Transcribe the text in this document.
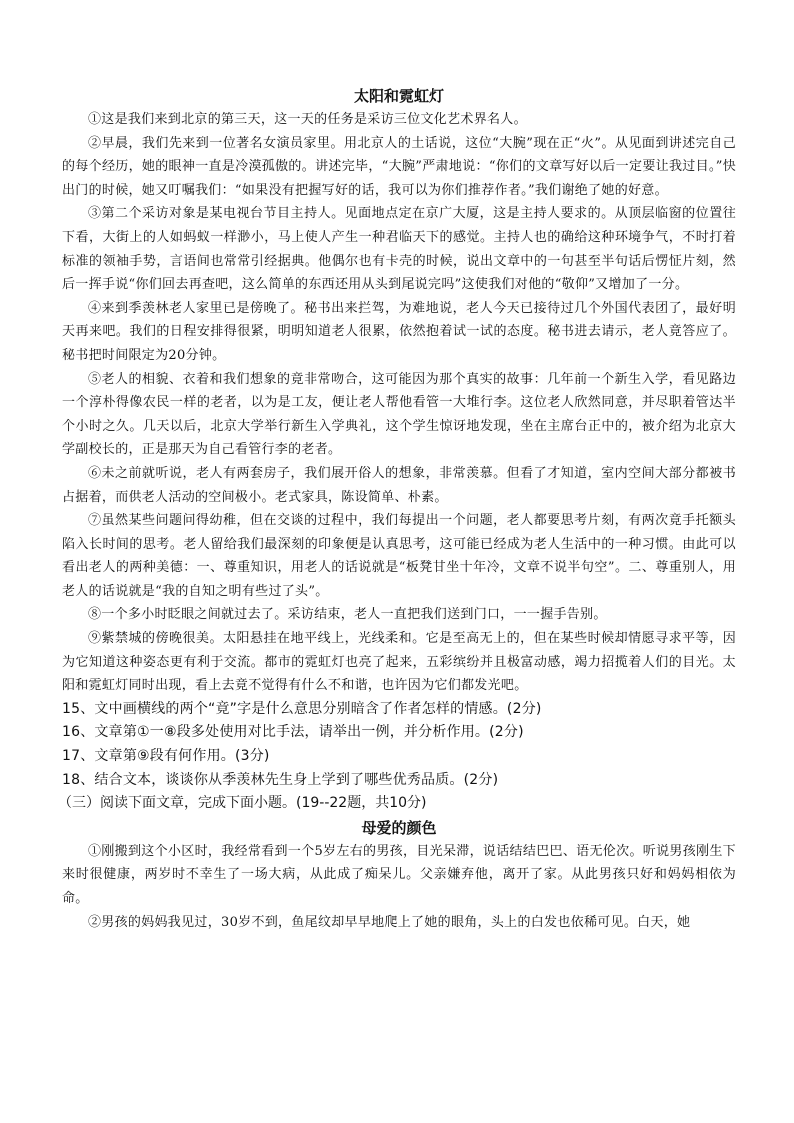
太阳和霓虹灯

①这是我们来到北京的第三天，这一天的任务是采访三位文化艺术界名人。

②早晨，我们先来到一位著名女演员家里。用北京人的土话说，这位“大腕”现在正“火”。从见面到讲述完自己的每个经历，她的眼神一直是冷漠孤傲的。讲述完毕，“大腕”严肃地说：“你们的文章写好以后一定要让我过目。”快出门的时候，她又叮嘱我们：“如果没有把握写好的话，我可以为你们推荐作者。”我们谢绝了她的好意。

③第二个采访对象是某电视台节目主持人。见面地点定在京广大厦，这是主持人要求的。从顶层临窗的位置往下看，大街上的人如蚂蚁一样渺小，马上使人产生一种君临天下的感觉。主持人也的确给这种环境争气，不时打着标准的领袖手势，言语间也常常引经据典。他偶尔也有卡壳的时候，说出文章中的一句甚至半句话后愣怔片刻，然后一挥手说“你们回去再查吧，这么简单的东西还用从头到尾说完吗”这使我们对他的“敬仰”又增加了一分。

④来到季羡林老人家里已是傍晚了。秘书出来拦驾，为难地说，老人今天已接待过几个外国代表团了，最好明天再来吧。我们的日程安排得很紧，明明知道老人很累，依然抱着试一试的态度。秘书进去请示，老人竟答应了。秘书把时间限定为20分钟。

⑤老人的相貌、衣着和我们想象的竟非常吻合，这可能因为那个真实的故事：几年前一个新生入学，看见路边一个淳朴得像农民一样的老者，以为是工友，便让老人帮他看管一大堆行李。这位老人欣然同意，并尽职着管达半个小时之久。几天以后，北京大学举行新生入学典礼，这个学生惊讶地发现，坐在主席台正中的，被介绍为北京大学副校长的，正是那天为自己看管行李的老者。

⑥未之前就听说，老人有两套房子，我们展开俗人的想象，非常羡慕。但看了才知道，室内空间大部分都被书占据着，而供老人活动的空间极小。老式家具，陈设简单、朴素。

⑦虽然某些问题问得幼稚，但在交谈的过程中，我们每提出一个问题，老人都要思考片刻，有两次竟手托额头陷入长时间的思考。老人留给我们最深刻的印象便是认真思考，这可能已经成为老人生活中的一种习惯。由此可以看出老人的两种美德：一、尊重知识，用老人的话说就是“板凳甘坐十年冷，文章不说半句空”。二、尊重别人，用老人的话说就是“我的自知之明有些过了头”。

⑧一个多小时眨眼之间就过去了。采访结束，老人一直把我们送到门口，一一握手告别。

⑨紫禁城的傍晚很美。太阳悬挂在地平线上，光线柔和。它是至高无上的，但在某些时候却情愿寻求平等，因为它知道这种姿态更有利于交流。都市的霓虹灯也亮了起来，五彩缤纷并且极富动感，竭力招揽着人们的目光。太阳和霓虹灯同时出现，看上去竟不觉得有什么不和谐，也许因为它们都发光吧。

15、文中画横线的两个“竟”字是什么意思分别暗含了作者怎样的情感。(2分)

16、文章第①一⑧段多处使用对比手法，请举出一例，并分析作用。(2分)

17、文章第⑨段有何作用。(3分)

18、结合文本，谈谈你从季羡林先生身上学到了哪些优秀品质。(2分)

（三）阅读下面文章，完成下面小题。(19--22题，共10分)

母爱的颜色

①刚搬到这个小区时，我经常看到一个5岁左右的男孩，目光呆滞，说话结结巴巴、语无伦次。听说男孩刚生下来时很健康，两岁时不幸生了一场大病，从此成了痴呆儿。父亲嫌弃他，离开了家。从此男孩只好和妈妈相依为命。

②男孩的妈妈我见过，30岁不到，鱼尾纹却早早地爬上了她的眼角，头上的白发也依稀可见。白天，她
